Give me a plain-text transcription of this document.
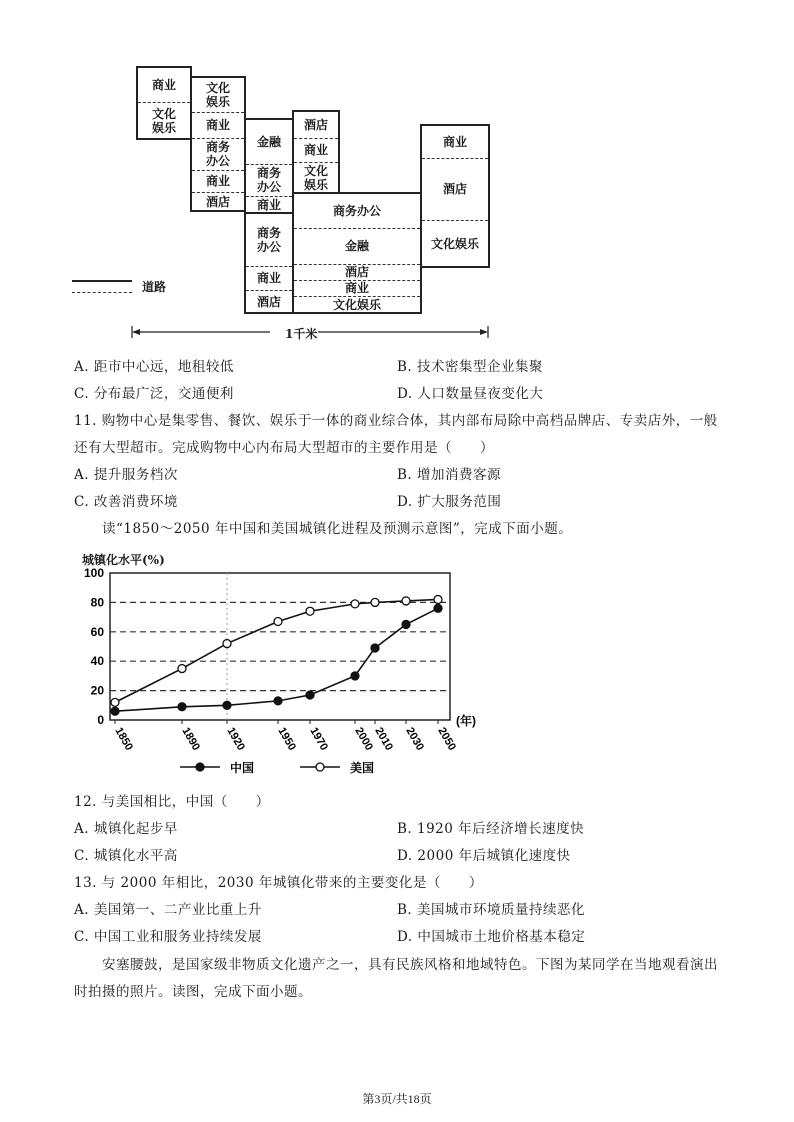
商业
文化
娱乐
文化
娱乐
商业
商务
办公
商业
酒店
金融
商务
办公
商业
酒店
商业
文化
娱乐
商务
办公
商业
酒店
商务办公
金融
酒店
商业
文化娱乐
商业
酒店
文化娱乐
道路
1千米
A. 距市中心远，地租较低	B. 技术密集型企业集聚
C. 分布最广泛，交通便利	D. 人口数量昼夜变化大
11. 购物中心是集零售、餐饮、娱乐于一体的商业综合体，其内部布局除中高档品牌店、专卖店外，一般
还有大型超市。完成购物中心内布局大型超市的主要作用是（　　）
A. 提升服务档次	B. 增加消费客源
C. 改善消费环境	D. 扩大服务范围
读“1850～2050 年中国和美国城镇化进程及预测示意图”，完成下面小题。
城镇化水平(%)
0
20
40
60
80
100
1850	1890 1920	1950 1970 2000
2010 2030 2050
(年)
中国	美国
12. 与美国相比，中国（　　）
A. 城镇化起步早	B. 1920 年后经济增长速度快
C. 城镇化水平高	D. 2000 年后城镇化速度快
13. 与 2000 年相比，2030 年城镇化带来的主要变化是（　　）
A. 美国第一、二产业比重上升	B. 美国城市环境质量持续恶化
C. 中国工业和服务业持续发展	D. 中国城市土地价格基本稳定
安塞腰鼓，是国家级非物质文化遗产之一，具有民族风格和地域特色。下图为某同学在当地观看演出
时拍摄的照片。读图，完成下面小题。
第3页/共18页
